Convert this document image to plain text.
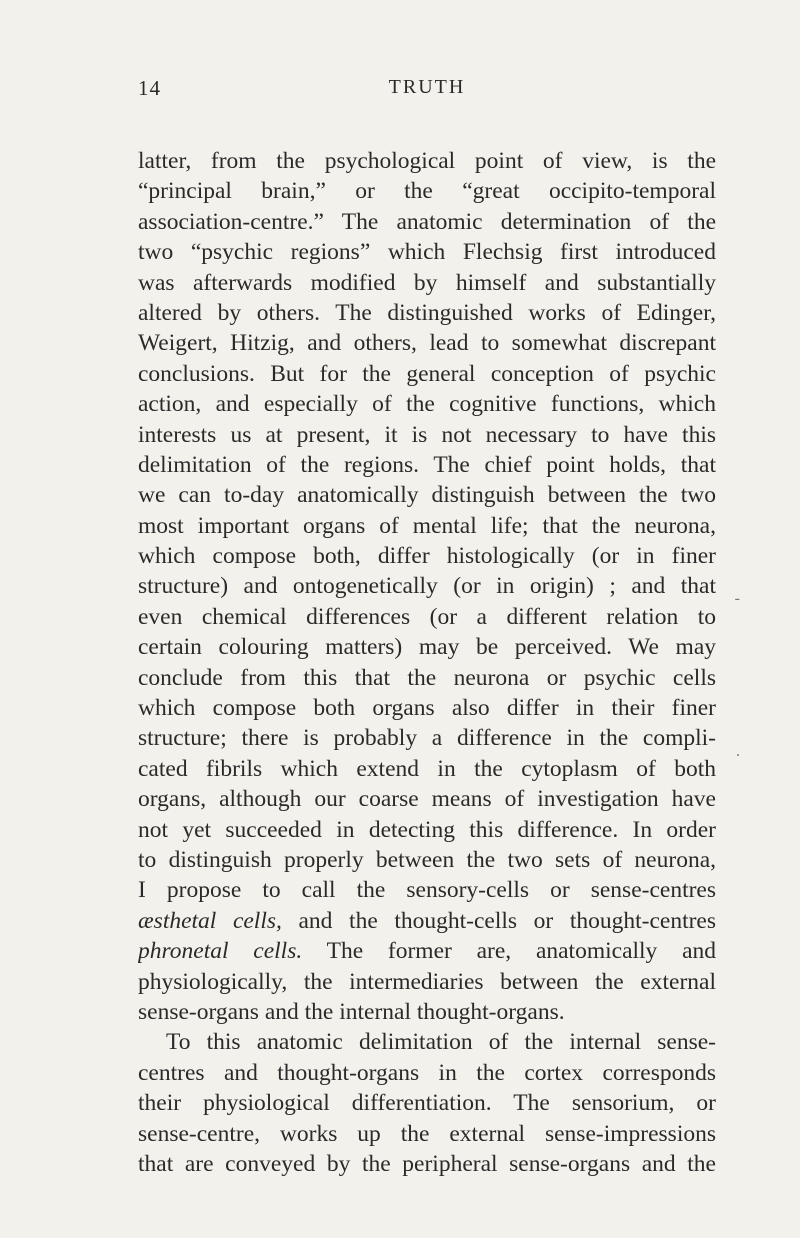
14	TRUTH
latter, from the psychological point of view, is the
“principal brain,” or the “great occipito-temporal
association-centre.” The anatomic determination of the
two “psychic regions” which Flechsig first introduced
was afterwards modified by himself and substantially
altered by others. The distinguished works of Edinger,
Weigert, Hitzig, and others, lead to somewhat discrepant
conclusions. But for the general conception of psychic
action, and especially of the cognitive functions, which
interests us at present, it is not necessary to have this
delimitation of the regions. The chief point holds, that
we can to-day anatomically distinguish between the two
most important organs of mental life; that the neurona,
which compose both, differ histologically (or in finer
structure) and ontogenetically (or in origin) ; and that
even chemical differences (or a different relation to
certain colouring matters) may be perceived. We may
conclude from this that the neurona or psychic cells
which compose both organs also differ in their finer
structure; there is probably a difference in the compli-
cated fibrils which extend in the cytoplasm of both
organs, although our coarse means of investigation have
not yet succeeded in detecting this difference. In order
to distinguish properly between the two sets of neurona,
I propose to call the sensory-cells or sense-centres
æsthetal cells, and the thought-cells or thought-centres
phronetal cells. The former are, anatomically and
physiologically, the intermediaries between the external
sense-organs and the internal thought-organs.
To this anatomic delimitation of the internal sense-
centres and thought-organs in the cortex corresponds
their physiological differentiation. The sensorium, or
sense-centre, works up the external sense-impressions
that are conveyed by the peripheral sense-organs and the
-
.
